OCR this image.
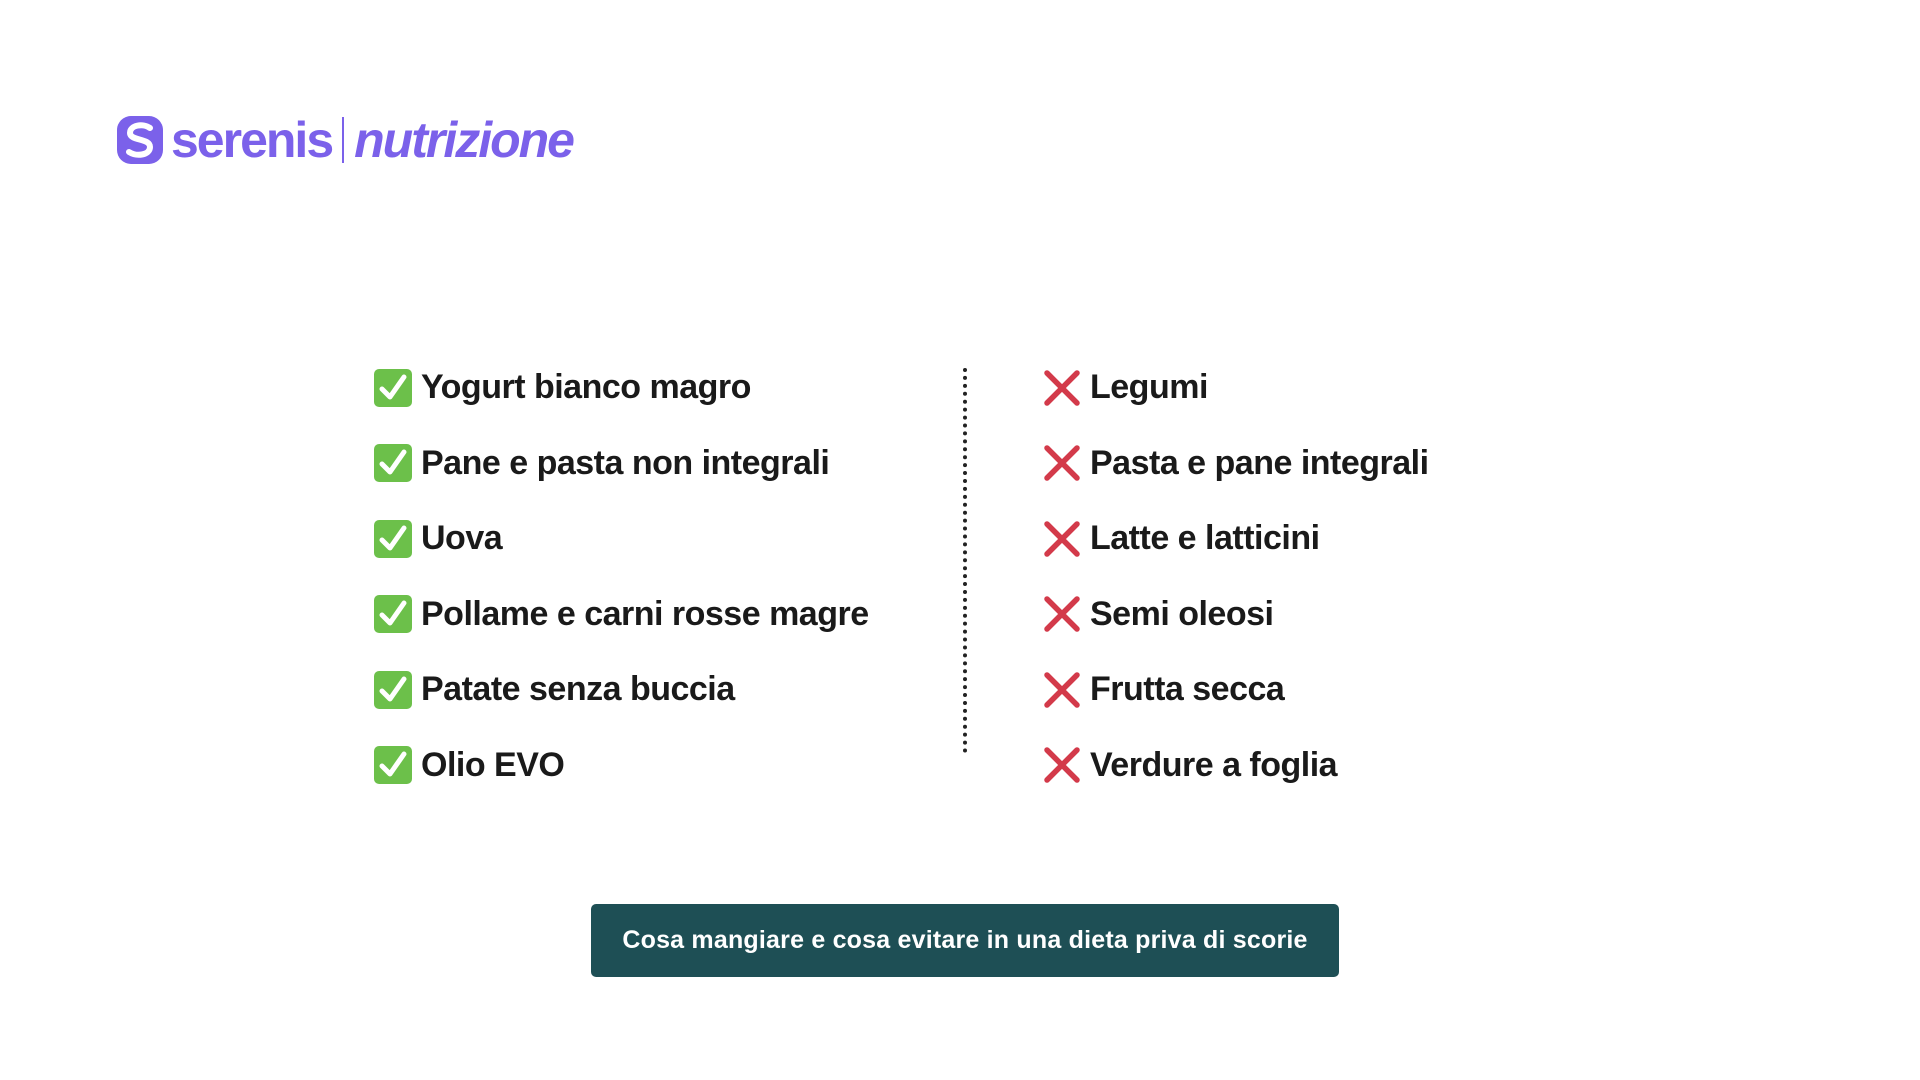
serenis nutrizione
Yogurt bianco magro
Pane e pasta non integrali
Uova
Pollame e carni rosse magre
Patate senza buccia
Olio EVO
Legumi
Pasta e pane integrali
Latte e latticini
Semi oleosi
Frutta secca
Verdure a foglia
Cosa mangiare e cosa evitare in una dieta priva di scorie
